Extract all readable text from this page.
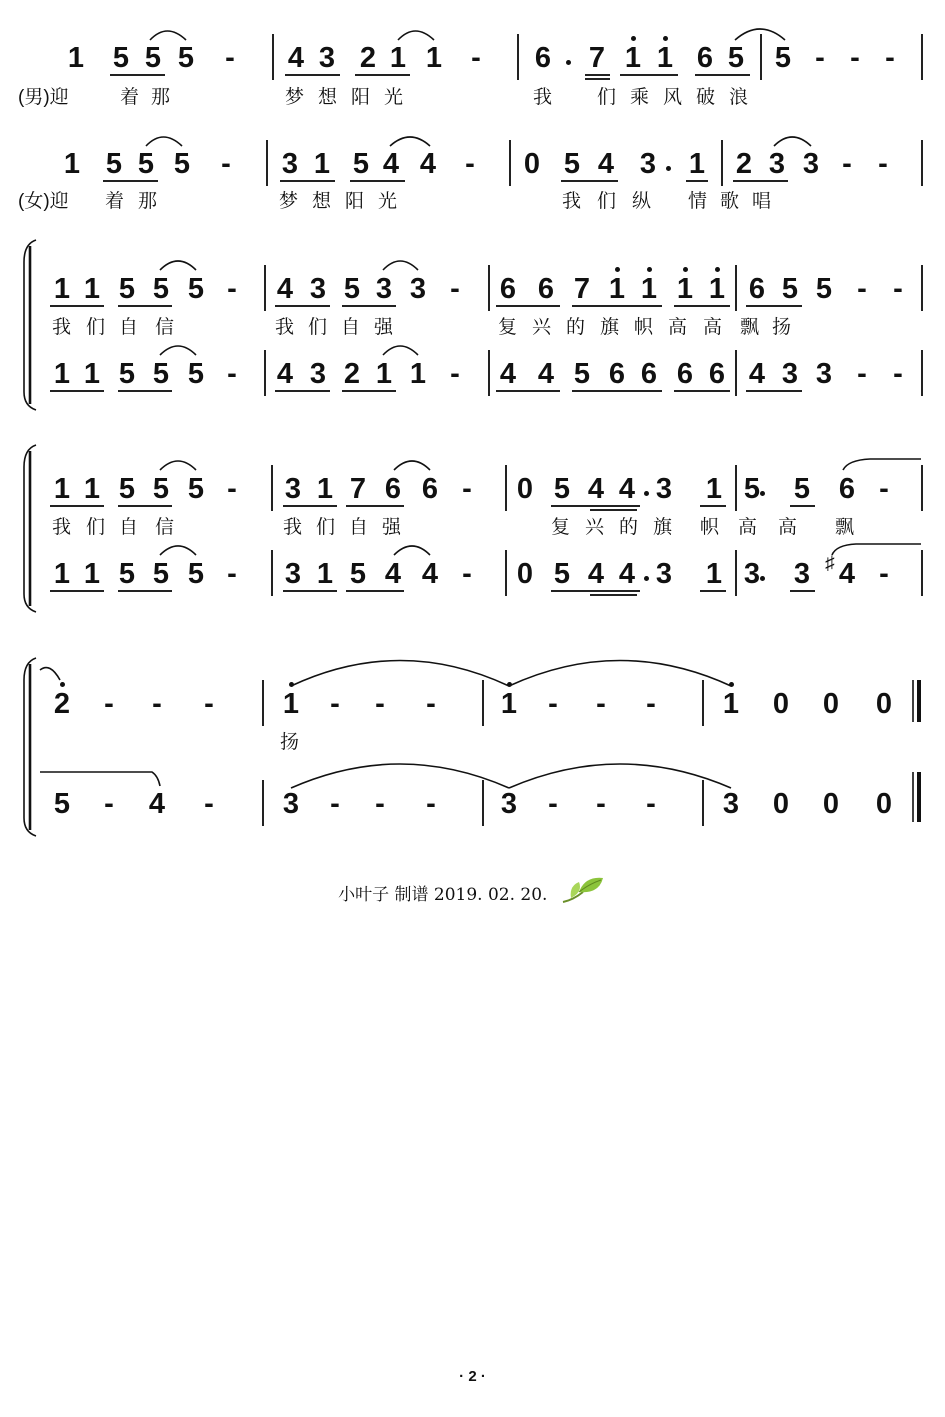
1 5 5 5 - 4 3 2 1 1 - 6 7 1 1 6 5 5 - - -
(男)迎	着 那	梦 想 阳 光	我 们 乘 风 破 浪
1 5 5 5 - 3 1 5 4 4 - 0 5 4 3 1 2 3 3 - -
(女)迎 着 那	梦 想 阳 光	我 们 纵 情 歌 唱
1 1 5 5 5 - 4 3 5 3 3 - 6 6 7 1 1 1 1 6 5 5 - -
1 1 5 5 5 - 4 3 2 1 1 - 4 4 5 6 6 6 6 4 3 3 - -
我 们 自 信	我 们 自 强	复 兴 的 旗 帜 高 高 飘 扬
1 1 5 5 5 - 3 1 7 6 6 - 0 5 4 4 3 1 5 5 6 -
1 1 5 5 5 - 3 1 5 4 4 - 0 5 4 4 3 1 3 3 4
♯ -
我 们 自 信	我 们 自 强	复 兴 的 旗 帜 高 高 飘
2 - - - 1 - - - 1 - - - 1 0 0 0
5 - 4 - 3 - - - 3 - - - 3 0 0 0
扬
小叶子 制谱 2019. 02. 20.
· 2 ·
